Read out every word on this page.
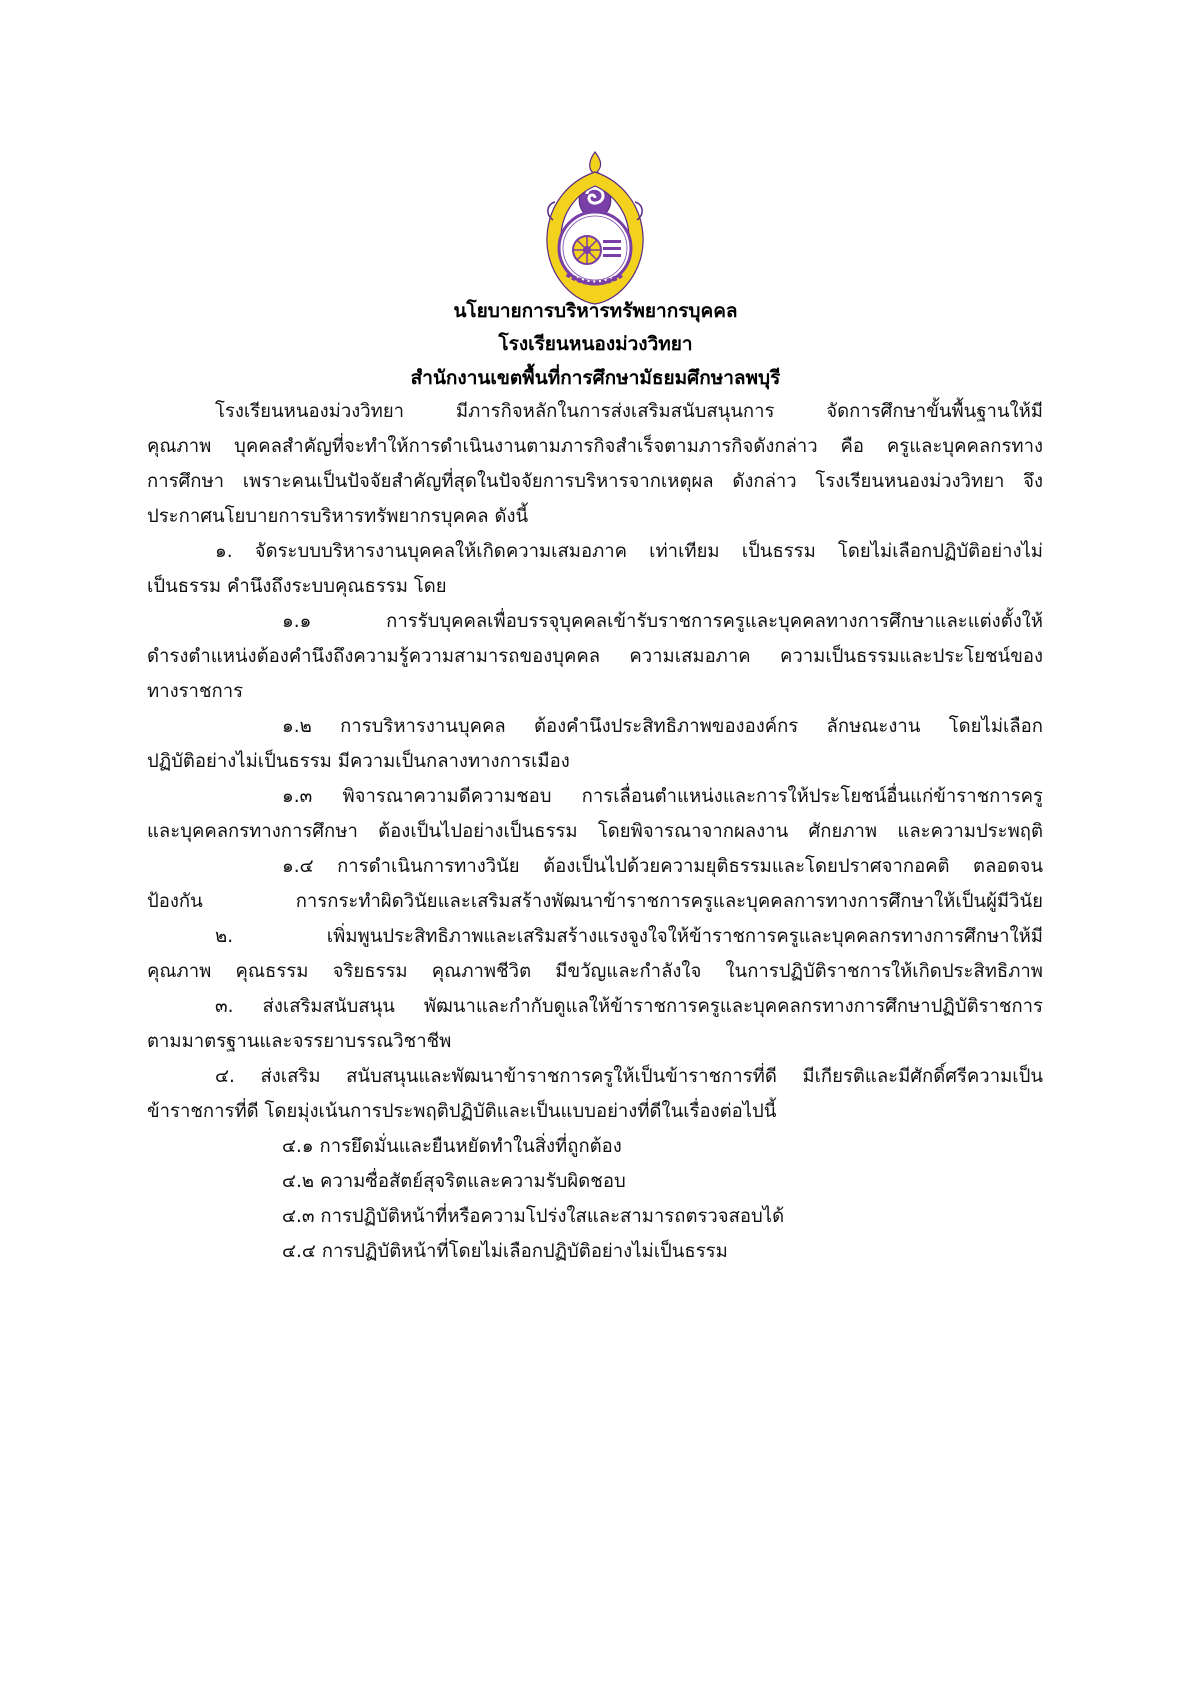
นโยบายการบริหารทรัพยากรบุคคล
โรงเรียนหนองม่วงวิทยา
สำนักงานเขตพื้นที่การศึกษามัธยมศึกษาลพบุรี
โรงเรียนหนองม่วงวิทยา มีภารกิจหลักในการส่งเสริมสนับสนุนการ จัดการศึกษาขั้นพื้นฐานให้มี
คุณภาพ บุคคลสำคัญที่จะทำให้การดำเนินงานตามภารกิจสำเร็จตามภารกิจดังกล่าว คือ ครูและบุคคลกรทาง
การศึกษา เพราะคนเป็นปัจจัยสำคัญที่สุดในปัจจัยการบริหารจากเหตุผล ดังกล่าว โรงเรียนหนองม่วงวิทยา จึง
ประกาศนโยบายการบริหารทรัพยากรบุคคล ดังนี้
๑. จัดระบบบริหารงานบุคคลให้เกิดความเสมอภาค เท่าเทียม เป็นธรรม โดยไม่เลือกปฏิบัติอย่างไม่
เป็นธรรม คำนึงถึงระบบคุณธรรม โดย
๑.๑ การรับบุคคลเพื่อบรรจุบุคคลเข้ารับราชการครูและบุคคลทางการศึกษาและแต่งตั้งให้
ดำรงตำแหน่งต้องคำนึงถึงความรู้ความสามารถของบุคคล ความเสมอภาค ความเป็นธรรมและประโยชน์ของ
ทางราชการ
๑.๒ การบริหารงานบุคคล ต้องคำนึงประสิทธิภาพขององค์กร ลักษณะงาน โดยไม่เลือก
ปฏิบัติอย่างไม่เป็นธรรม มีความเป็นกลางทางการเมือง
๑.๓ พิจารณาความดีความชอบ การเลื่อนตำแหน่งและการให้ประโยชน์อื่นแก่ข้าราชการครู
และบุคคลกรทางการศึกษา ต้องเป็นไปอย่างเป็นธรรม โดยพิจารณาจากผลงาน ศักยภาพ และความประพฤติ
๑.๔ การดำเนินการทางวินัย ต้องเป็นไปด้วยความยุติธรรมและโดยปราศจากอคติ ตลอดจน
ป้องกัน การกระทำผิดวินัยและเสริมสร้างพัฒนาข้าราชการครูและบุคคลการทางการศึกษาให้เป็นผู้มีวินัย
๒. เพิ่มพูนประสิทธิภาพและเสริมสร้างแรงจูงใจให้ข้าราชการครูและบุคคลกรทางการศึกษาให้มี
คุณภาพ คุณธรรม จริยธรรม คุณภาพชีวิต มีขวัญและกำลังใจ ในการปฏิบัติราชการให้เกิดประสิทธิภาพ
๓. ส่งเสริมสนับสนุน พัฒนาและกำกับดูแลให้ข้าราชการครูและบุคคลกรทางการศึกษาปฏิบัติราชการ
ตามมาตรฐานและจรรยาบรรณวิชาชีพ
๔. ส่งเสริม สนับสนุนและพัฒนาข้าราชการครูให้เป็นข้าราชการที่ดี มีเกียรติและมีศักดิ์ศรีความเป็น
ข้าราชการที่ดี โดยมุ่งเน้นการประพฤติปฏิบัติและเป็นแบบอย่างที่ดีในเรื่องต่อไปนี้
๔.๑ การยึดมั่นและยืนหยัดทำในสิ่งที่ถูกต้อง
๔.๒ ความซื่อสัตย์สุจริตและความรับผิดชอบ
๔.๓ การปฏิบัติหน้าที่หรือความโปร่งใสและสามารถตรวจสอบได้
๔.๔ การปฏิบัติหน้าที่โดยไม่เลือกปฏิบัติอย่างไม่เป็นธรรม
